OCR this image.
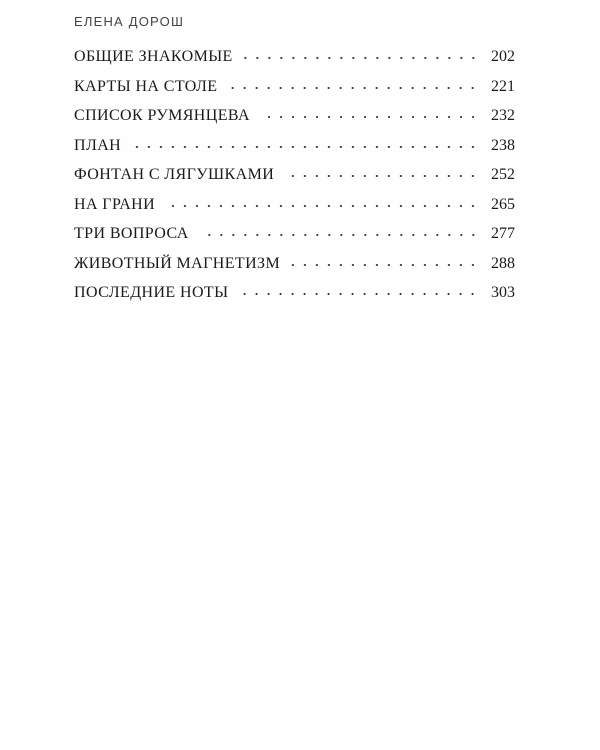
ЕЛЕНА ДОРОШ
ОБЩИЕ ЗНАКОМЫЕ	202
КАРТЫ НА СТОЛЕ	221
СПИСОК РУМЯНЦЕВА	232
ПЛАН	238
ФОНТАН С ЛЯГУШКАМИ	252
НА ГРАНИ	265
ТРИ ВОПРОСА	277
ЖИВОТНЫЙ МАГНЕТИЗМ	288
ПОСЛЕДНИЕ НОТЫ	303
